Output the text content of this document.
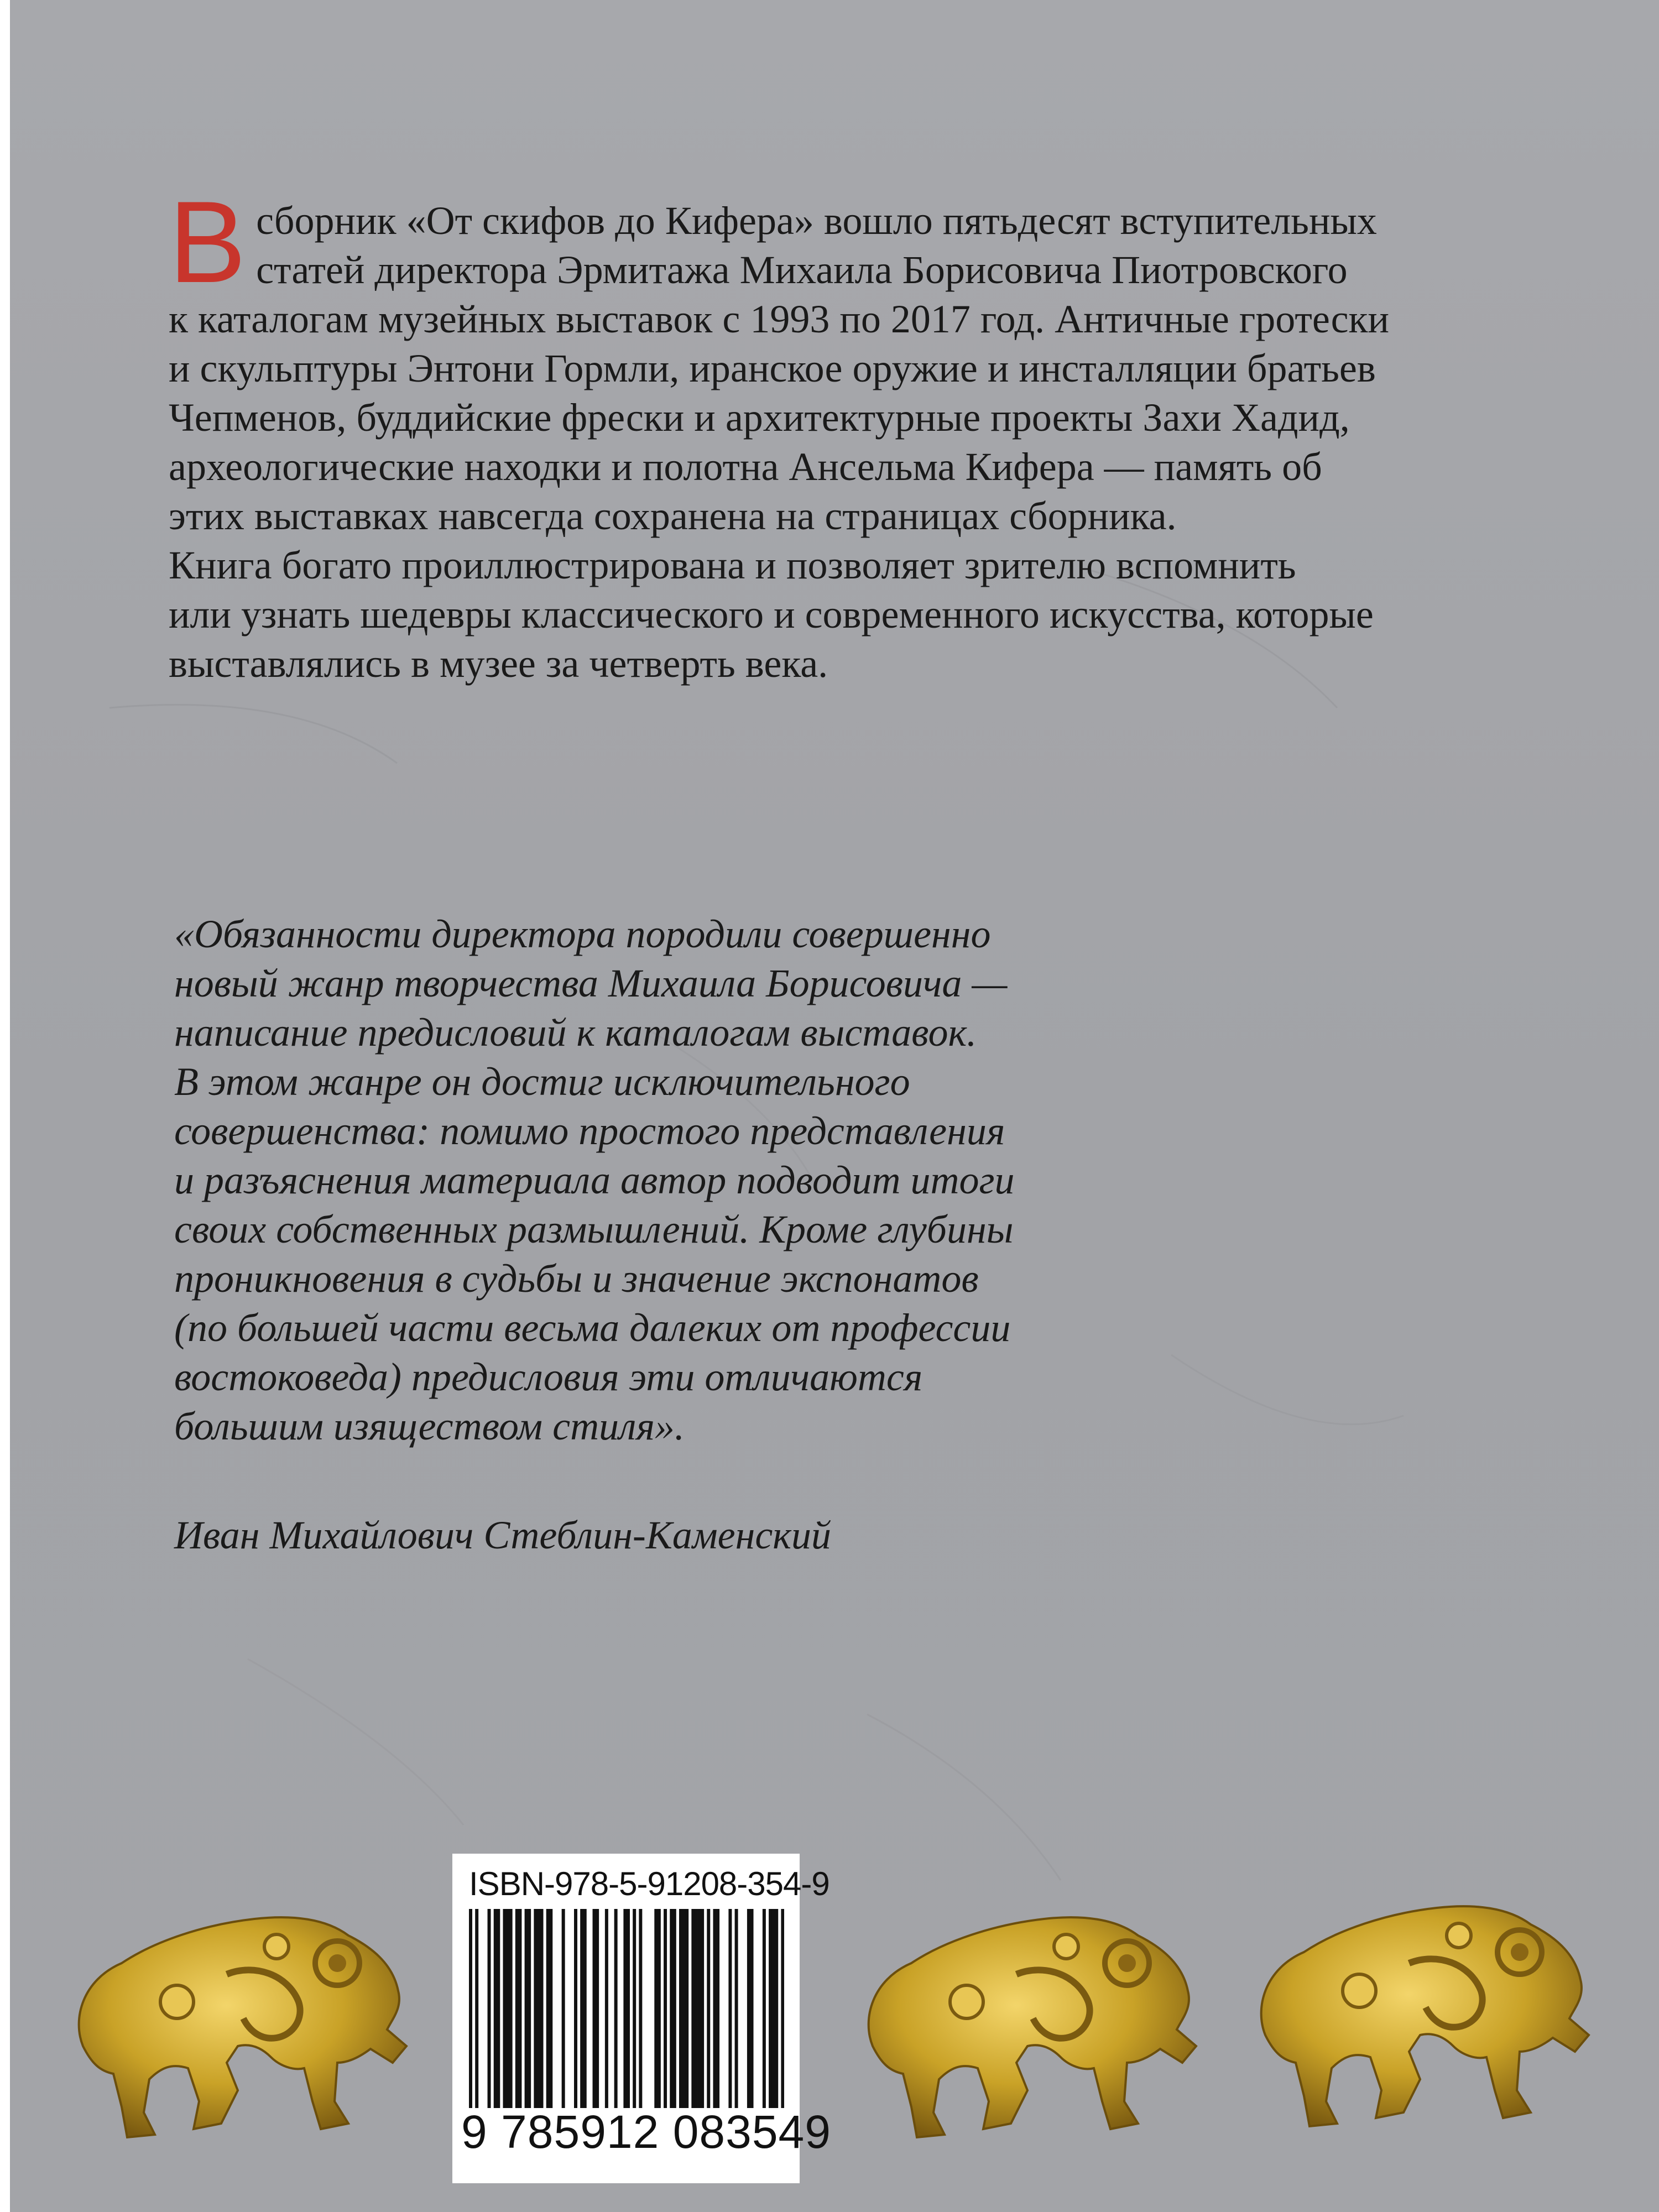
В сборник «От скифов до Кифера» вошло пятьдесят вступительных
статей директора Эрмитажа Михаила Борисовича Пиотровского
к каталогам музейных выставок с 1993 по 2017 год. Античные гротески
и скульптуры Энтони Гормли, иранское оружие и инсталляции братьев
Чепменов, буддийские фрески и архитектурные проекты Захи Хадид,
археологические находки и полотна Ансельма Кифера — память об
этих выставках навсегда сохранена на страницах сборника.
Книга богато проиллюстрирована и позволяет зрителю вспомнить
или узнать шедевры классического и современного искусства, которые
выставлялись в музее за четверть века.
«Обязанности директора породили совершенно
новый жанр творчества Михаила Борисовича —
написание предисловий к каталогам выставок.
В этом жанре он достиг исключительного
совершенства: помимо простого представления
и разъяснения материала автор подводит итоги
своих собственных размышлений. Кроме глубины
проникновения в судьбы и значение экспонатов
(по большей части весьма далеких от профессии
востоковеда) предисловия эти отличаются
большим изяществом стиля».
Иван Михайлович Стеблин-Каменский
ISBN-978-5-91208-354-9
9 785912 083549
